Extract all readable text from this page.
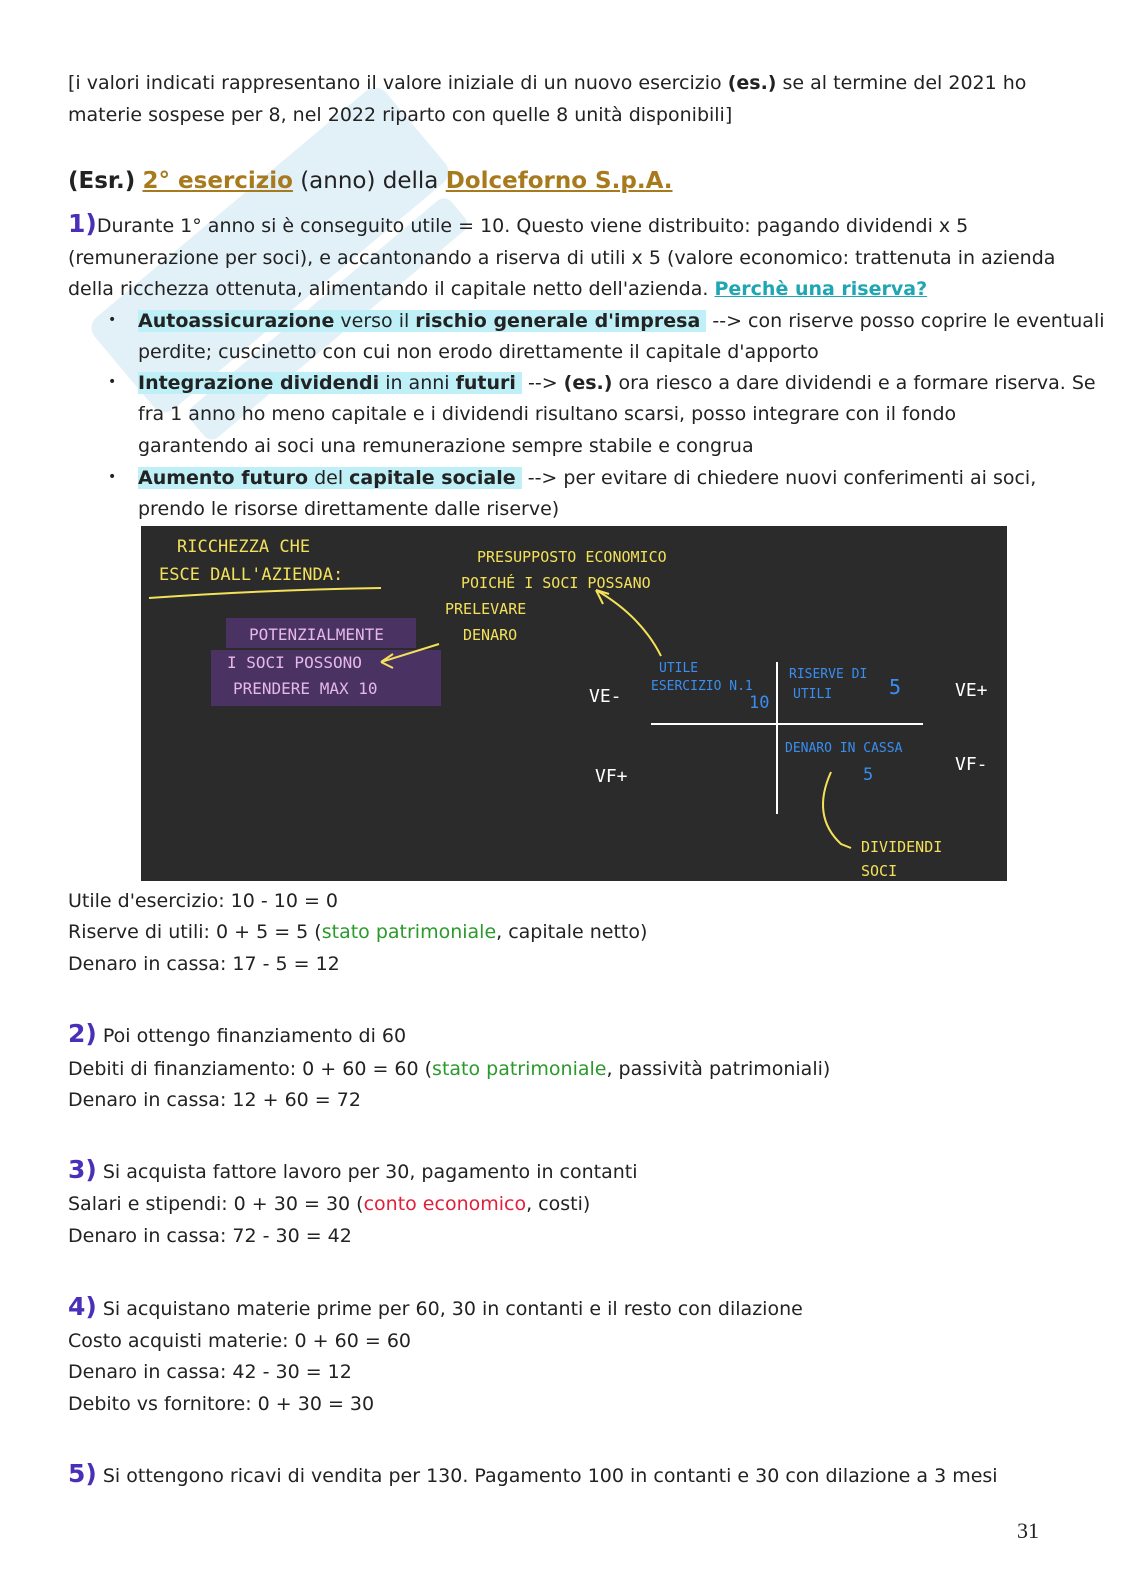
[i valori indicati rappresentano il valore iniziale di un nuovo esercizio (es.) se al termine del 2021 ho
materie sospese per 8, nel 2022 riparto con quelle 8 unità disponibili]
(Esr.) 2° esercizio (anno) della Dolceforno S.p.A.
1)Durante 1° anno si è conseguito utile = 10. Questo viene distribuito: pagando dividendi x 5
(remunerazione per soci), e accantonando a riserva di utili x 5 (valore economico: trattenuta in azienda
della ricchezza ottenuta, alimentando il capitale netto dell'azienda. Perchè una riserva?
• Autoassicurazione verso il rischio generale d'impresa  --> con riserve posso coprire le eventuali
perdite; cuscinetto con cui non erodo direttamente il capitale d'apporto
• Integrazione dividendi in anni futuri  --> (es.) ora riesco a dare dividendi e a formare riserva. Se
fra 1 anno ho meno capitale e i dividendi risultano scarsi, posso integrare con il fondo
garantendo ai soci una remunerazione sempre stabile e congrua
• Aumento futuro del capitale sociale  --> per evitare di chiedere nuovi conferimenti ai soci,
prendo le risorse direttamente dalle riserve)
RICCHEZZA CHE
ESCE DALL'AZIENDA:
PRESUPPOSTO ECONOMICO
POICHÉ I SOCI POSSANO
PRELEVARE
DENARO
DIVIDENDI
SOCI
POTENZIALMENTE
I SOCI POSSONO
PRENDERE MAX 10
UTILE
ESERCIZIO N.1
10
RISERVE DI
UTILI	5
DENARO IN CASSA
5
VE-	VE+
VF+
VF-
Utile d'esercizio: 10 - 10 = 0
Riserve di utili: 0 + 5 = 5 (stato patrimoniale, capitale netto)
Denaro in cassa: 17 - 5 = 12
2) Poi ottengo finanziamento di 60
Debiti di finanziamento: 0 + 60 = 60 (stato patrimoniale, passività patrimoniali)
Denaro in cassa: 12 + 60 = 72
3) Si acquista fattore lavoro per 30, pagamento in contanti
Salari e stipendi: 0 + 30 = 30 (conto economico, costi)
Denaro in cassa: 72 - 30 = 42
4) Si acquistano materie prime per 60, 30 in contanti e il resto con dilazione
Costo acquisti materie: 0 + 60 = 60
Denaro in cassa: 42 - 30 = 12
Debito vs fornitore: 0 + 30 = 30
5) Si ottengono ricavi di vendita per 130. Pagamento 100 in contanti e 30 con dilazione a 3 mesi
31
